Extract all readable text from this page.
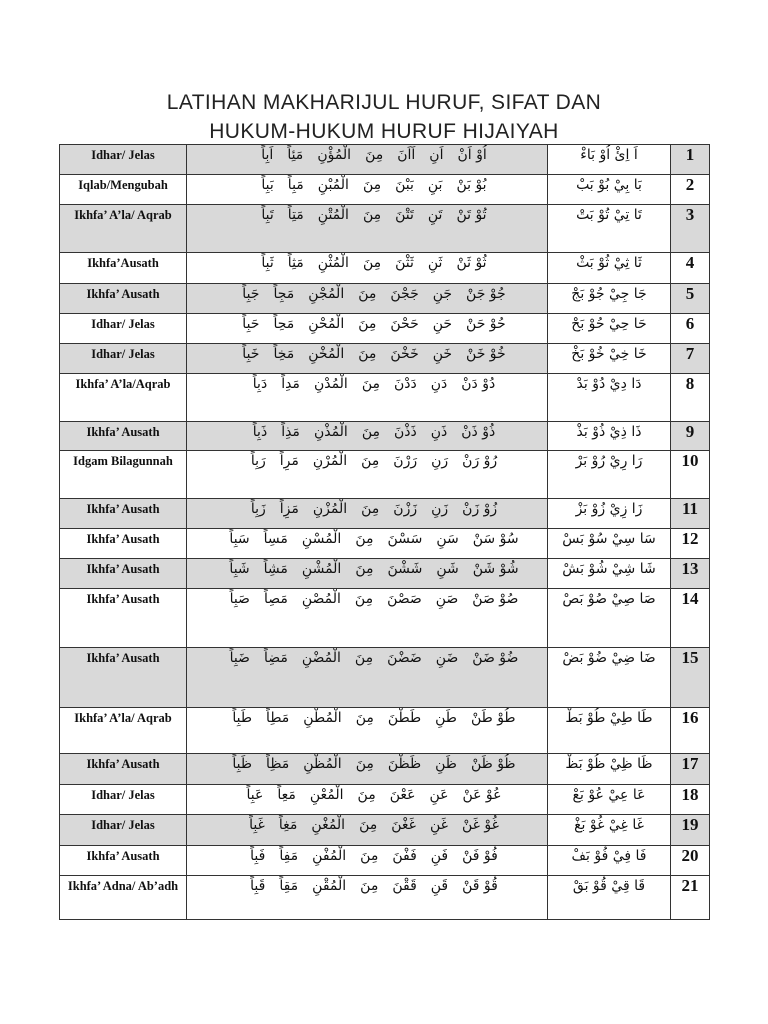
LATIHAN MAKHARIJUL HURUF, SIFAT DAN
HUKUM-HUKUM HURUF HIJAIYAH
Idhar/ Jelas	اُوْ اَنْاَنِاَاَنَمِنَالْمُؤْنِمَئِاًاَبِاً	اَ اِئْ اُوْ بَاءْ	1
Iqlab/Mengubah	بُوْ بَنْبَنِبَبْنَمِنَالْمُبْنِمَبِاًبَبِاً	بَا بِيْ بُوْ بَبْ	2
Ikhfa’ A’la/ Aqrab	تُوْ تَنْتَنِتَتْنَمِنَالْمُتْنِمَتِاًتَبِاً	تَا تِيْ تُوْ بَتْ	3
Ikhfa’Ausath	ثُوْ ثَنْثَنِثَثْنَمِنَالْمُثْنِمَثِاًثَبِاً	ثَا ثِيْ ثُوْ بَثْ	4
Ikhfa’ Ausath	جُوْ جَنْجَنِجَجْنَمِنَالْمُجْنِمَجِاًجَبِاً	جَا جِيْ جُوْ بَجْ	5
Idhar/ Jelas	حُوْ حَنْحَنِحَحْنَمِنَالْمُحْنِمَحِاًحَبِاً	حَا حِيْ حُوْ بَحْ	6
Idhar/ Jelas	خُوْ خَنْخَنِخَخْنَمِنَالْمُخْنِمَخِاًخَبِاً	خَا خِيْ خُوْ بَخْ	7
Ikhfa’ A’la/Aqrab	دُوْ دَنْدَنِدَدْنَمِنَالْمُدْنِمَدِاًدَبِاً	دَا دِيْ دُوْ بَدْ	8
Ikhfa’ Ausath	ذُوْ ذَنْذَنِذَذْنَمِنَالْمُذْنِمَذِاًذَبِاً	ذَا ذِيْ ذُوْ بَذْ	9
Idgam Bilagunnah	رُوْ رَنْرَنِرَرْنَمِنَالْمُرْنِمَرِاًرَبِاً	رَا رِيْ رُوْ بَرْ	10
Ikhfa’ Ausath	زُوْ زَنْزَنِزَزْنَمِنَالْمُزْنِمَزِاًزَبِاً	زَا زِيْ زُوْ بَزْ	11
Ikhfa’ Ausath	سُوْ سَنْسَنِسَسْنَمِنَالْمُسْنِمَسِاًسَبِاً	سَا سِيْ سُوْ بَسْ	12
Ikhfa’ Ausath	شُوْ شَنْشَنِشَشْنَمِنَالْمُشْنِمَشِاًشَبِاً	شَا شِيْ شُوْ بَشْ	13
Ikhfa’ Ausath	صُوْ صَنْصَنِصَصْنَمِنَالْمُصْنِمَصِاًصَبِاً	صَا صِيْ صُوْ بَصْ	14
Ikhfa’ Ausath	ضُوْ ضَنْضَنِضَضْنَمِنَالْمُضْنِمَضِاًضَبِاً	ضَا ضِيْ ضُوْ بَضْ	15
Ikhfa’ A’la/ Aqrab	طُوْ طَنْطَنِطَطْنَمِنَالْمُطْنِمَطِاًطَبِاً	طَا طِيْ طُوْ بَطْ	16
Ikhfa’ Ausath	ظُوْ ظَنْظَنِظَظْنَمِنَالْمُظْنِمَظِاًظَبِاً	ظَا ظِيْ ظُوْ بَظْ	17
Idhar/ Jelas	عُوْ عَنْعَنِعَعْنَمِنَالْمُعْنِمَعِاًعَبِاً	عَا عِيْ عُوْ بَعْ	18
Idhar/ Jelas	غُوْ غَنْغَنِغَغْنَمِنَالْمُغْنِمَغِاًغَبِاً	غَا غِيْ غُوْ بَغْ	19
Ikhfa’ Ausath	فُوْ فَنْفَنِفَفْنَمِنَالْمُفْنِمَفِاًفَبِاً	فَا فِيْ فُوْ بَفْ	20
Ikhfa’ Adna/ Ab’adh	قُوْ قَنْقَنِقَقْنَمِنَالْمُقْنِمَقِاًقَبِاً	قَا قِيْ قُوْ بَقْ	21
